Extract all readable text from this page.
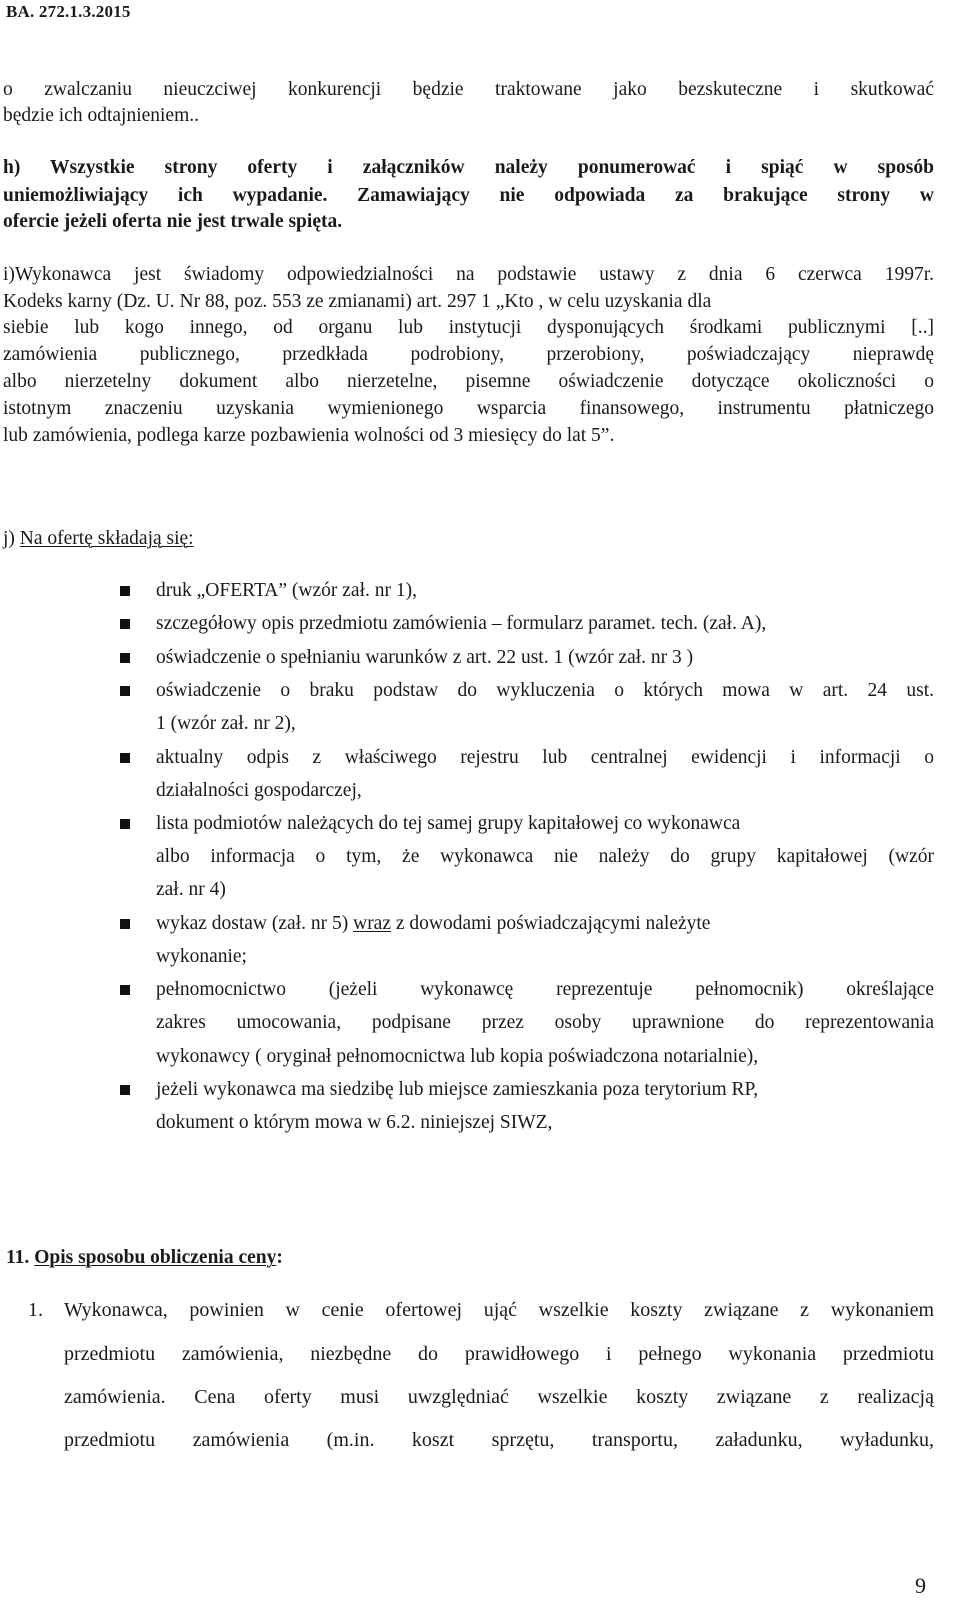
BA. 272.1.3.2015
o zwalczaniu nieuczciwej konkurencji będzie traktowane jako bezskuteczne i skutkować
będzie ich odtajnieniem..
h) Wszystkie strony oferty i załączników należy ponumerować i spiąć w sposób
uniemożliwiający ich wypadanie. Zamawiający nie odpowiada za brakujące strony w
ofercie jeżeli oferta nie jest trwale spięta.
i)Wykonawca jest świadomy odpowiedzialności na podstawie ustawy z dnia 6 czerwca 1997r.
Kodeks karny (Dz. U. Nr 88, poz. 553 ze zmianami) art. 297 1 „Kto , w celu uzyskania dla
siebie lub kogo innego, od organu lub instytucji dysponujących środkami publicznymi [..]
zamówienia publicznego, przedkłada podrobiony, przerobiony, poświadczający nieprawdę
albo nierzetelny dokument albo nierzetelne, pisemne oświadczenie dotyczące okoliczności o
istotnym znaczeniu uzyskania wymienionego wsparcia finansowego, instrumentu płatniczego
lub zamówienia, podlega karze pozbawienia wolności od 3 miesięcy do lat 5”.
j) Na ofertę składają się:
druk „OFERTA” (wzór zał. nr 1),
szczegółowy opis przedmiotu zamówienia – formularz paramet. tech. (zał. A),
oświadczenie o spełnianiu warunków z art. 22 ust. 1 (wzór zał. nr 3 )
oświadczenie o braku podstaw do wykluczenia o których mowa w art. 24 ust.
1 (wzór zał. nr 2),
aktualny odpis z właściwego rejestru lub centralnej ewidencji i informacji o
działalności gospodarczej,
lista podmiotów należących do tej samej grupy kapitałowej co wykonawca
albo informacja o tym, że wykonawca nie należy do grupy kapitałowej (wzór
zał. nr 4)
wykaz dostaw (zał. nr 5) wraz z dowodami poświadczającymi należyte
wykonanie;
pełnomocnictwo (jeżeli wykonawcę reprezentuje pełnomocnik) określające
zakres umocowania, podpisane przez osoby uprawnione do reprezentowania
wykonawcy ( oryginał pełnomocnictwa lub kopia poświadczona notarialnie),
jeżeli wykonawca ma siedzibę lub miejsce zamieszkania poza terytorium RP,
dokument o którym mowa w 6.2. niniejszej SIWZ,
11. Opis sposobu obliczenia ceny:
1. Wykonawca, powinien w cenie ofertowej ująć wszelkie koszty związane z wykonaniem
przedmiotu zamówienia, niezbędne do prawidłowego i pełnego wykonania przedmiotu
zamówienia. Cena oferty musi uwzględniać wszelkie koszty związane z realizacją
przedmiotu zamówienia (m.in. koszt sprzętu, transportu, załadunku, wyładunku,
9
